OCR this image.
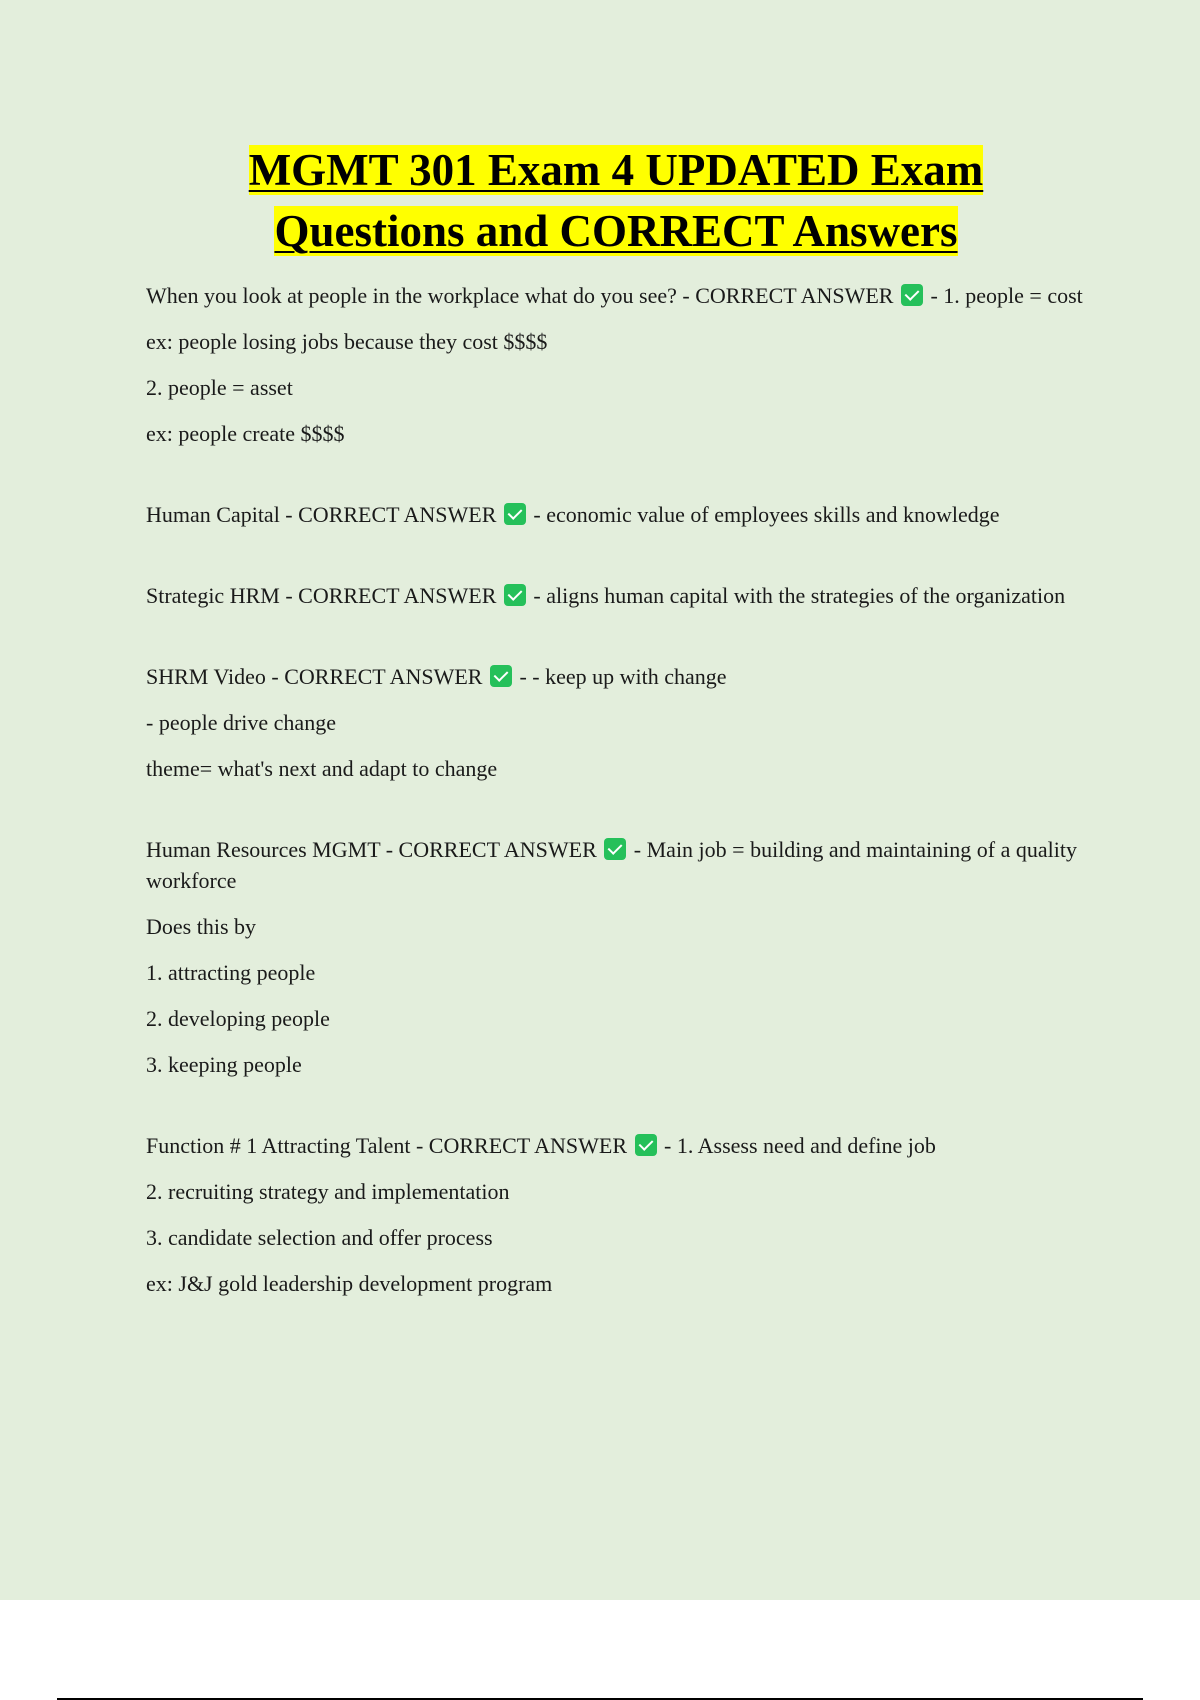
MGMT 301 Exam 4 UPDATED Exam
Questions and CORRECT Answers

When you look at people in the workplace what do you see? - CORRECT ANSWER - 1. people = cost

ex: people losing jobs because they cost $$$$

2. people = asset

ex: people create $$$$

Human Capital - CORRECT ANSWER - economic value of employees skills and knowledge

Strategic HRM - CORRECT ANSWER - aligns human capital with the strategies of the organization

SHRM Video - CORRECT ANSWER - - keep up with change

- people drive change

theme= what's next and adapt to change

Human Resources MGMT - CORRECT ANSWER - Main job = building and maintaining of a quality workforce

Does this by

1. attracting people

2. developing people

3. keeping people

Function # 1 Attracting Talent - CORRECT ANSWER - 1. Assess need and define job

2. recruiting strategy and implementation

3. candidate selection and offer process

ex: J&J gold leadership development program
